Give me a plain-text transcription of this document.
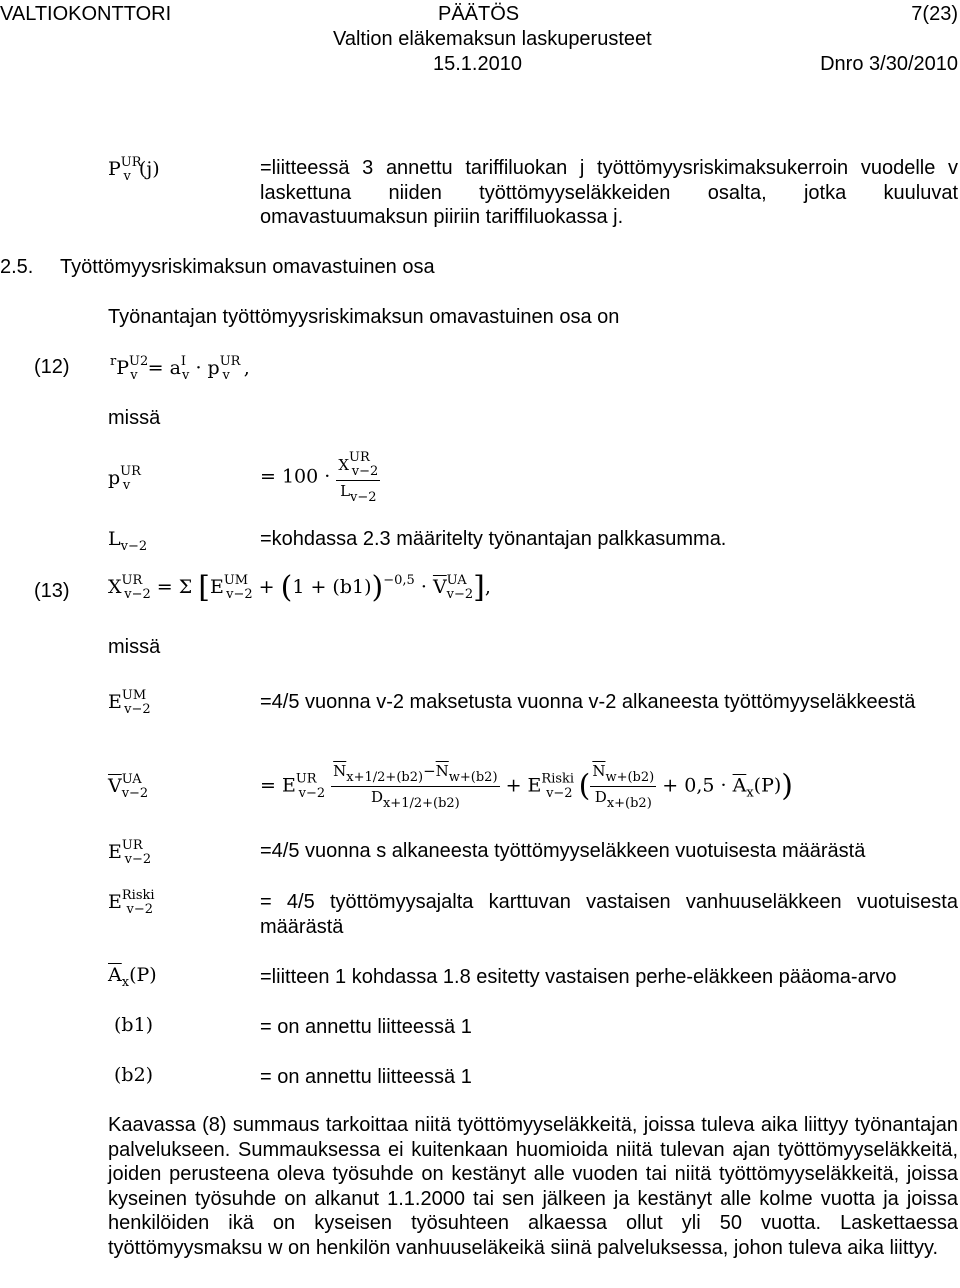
VALTIOKONTTORI	PÄÄTÖS	7(23)
Valtion eläkemaksun laskuperusteet
15.1.2010	Dnro 3/30/2010
$P^{UR}_v$ (j)	=liitteessä 3 annettu tariffiluokan j työttömyysriskimaksukerroin vuodelle v laskettuna niiden työttömyyseläkkeiden osalta, jotka kuuluvat omavastuumaksun piiriin tariffiluokassa j.
2.5. Työttömyysriskimaksun omavastuinen osa
Työnantajan työttömyysriskimaksun omavastuinen osa on
(12)	$^rP^{U2}_v = a^I_v \cdot p^{UR}_v$ ,
missä
$p^{UR}_v$	= $100 \cdot \frac{\text{XURv−2}}{Lv-2}$
$L_{v-2}$	=kohdassa 2.3 määritelty työnantajan palkkasumma.
(13) $X^{UR}_{v-2} = \Sigma$ $[E^{UM}_{v-2} + (1 + (b1))^{-0,5} \cdot \overline{V}^{UA}_{v-2}]$,
missä
$E^{UM}_{v-2}$	=4/5 vuonna v-2 maksetusta vuonna v-2 alkaneesta työttömyyseläkkeestä
$\overline{V}^{UA}_{v-2}$	= $E^{UR}_{v-2} \frac{\overline{N}x+1/2+(b2)-\overline{N}w+(b2)}{Dx+1/2+(b2)} + E^{Riski}_{v-2}$ ( $\frac{\overline{N}w+(b2)}{Dx+(b2)} + 0,5 \cdot \overline{A}_x(P)$)
$E^{UR}_{v-2}$	=4/5 vuonna s alkaneesta työttömyyseläkkeen vuotuisesta määrästä
$E^{Riski}_{v-2}$	= 4/5 työttömyysajalta karttuvan vastaisen vanhuuseläkkeen vuotuisesta määrästä
$\overline{A}_x(P)$	=liitteen 1 kohdassa 1.8 esitetty vastaisen perhe-eläkkeen pääoma-arvo
(b1)	= on annettu liitteessä 1
(b2)	= on annettu liitteessä 1
Kaavassa (8) summaus tarkoittaa niitä työttömyyseläkkeitä, joissa tuleva aika liittyy työnantajan palvelukseen. Summauksessa ei kuitenkaan huomioida niitä tulevan ajan työttömyyseläkkeitä, joiden perusteena oleva työsuhde on kestänyt alle vuoden tai niitä työttömyyseläkkeitä, joissa kyseinen työsuhde on alkanut 1.1.2000 tai sen jälkeen ja kestänyt alle kolme vuotta ja joissa henkilöiden ikä on kyseisen työsuhteen alkaessa ollut yli 50 vuotta. Laskettaessa työttömyysmaksu w on henkilön vanhuuseläkeikä siinä palveluksessa, johon tuleva aika liittyy.
